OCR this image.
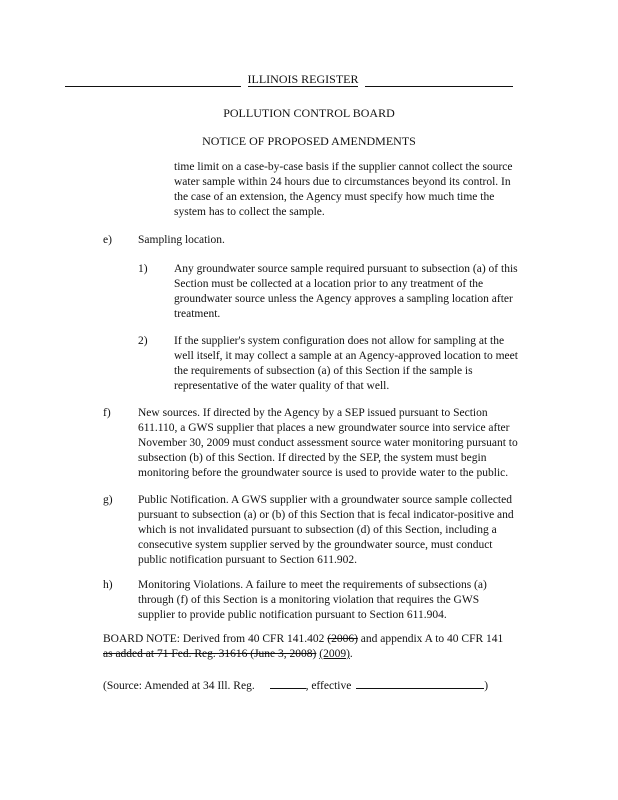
ILLINOIS REGISTER
POLLUTION CONTROL BOARD
NOTICE OF PROPOSED AMENDMENTS
time limit on a case-by-case basis if the supplier cannot collect the source
water sample within 24 hours due to circumstances beyond its control. In
the case of an extension, the Agency must specify how much time the
system has to collect the sample.
e) Sampling location.
1) Any groundwater source sample required pursuant to subsection (a) of this
Section must be collected at a location prior to any treatment of the
groundwater source unless the Agency approves a sampling location after
treatment.
2) If the supplier's system configuration does not allow for sampling at the
well itself, it may collect a sample at an Agency-approved location to meet
the requirements of subsection (a) of this Section if the sample is
representative of the water quality of that well.
f) New sources. If directed by the Agency by a SEP issued pursuant to Section
611.110, a GWS supplier that places a new groundwater source into service after
November 30, 2009 must conduct assessment source water monitoring pursuant to
subsection (b) of this Section. If directed by the SEP, the system must begin
monitoring before the groundwater source is used to provide water to the public.
g) Public Notification. A GWS supplier with a groundwater source sample collected
pursuant to subsection (a) or (b) of this Section that is fecal indicator-positive and
which is not invalidated pursuant to subsection (d) of this Section, including a
consecutive system supplier served by the groundwater source, must conduct
public notification pursuant to Section 611.902.
h) Monitoring Violations. A failure to meet the requirements of subsections (a)
through (f) of this Section is a monitoring violation that requires the GWS
supplier to provide public notification pursuant to Section 611.904.
BOARD NOTE: Derived from 40 CFR 141.402 (2006) and appendix A to 40 CFR 141
as added at 71 Fed. Reg. 31616 (June 3, 2008) (2009).
(Source: Amended at 34 Ill. Reg.	, effective	)
